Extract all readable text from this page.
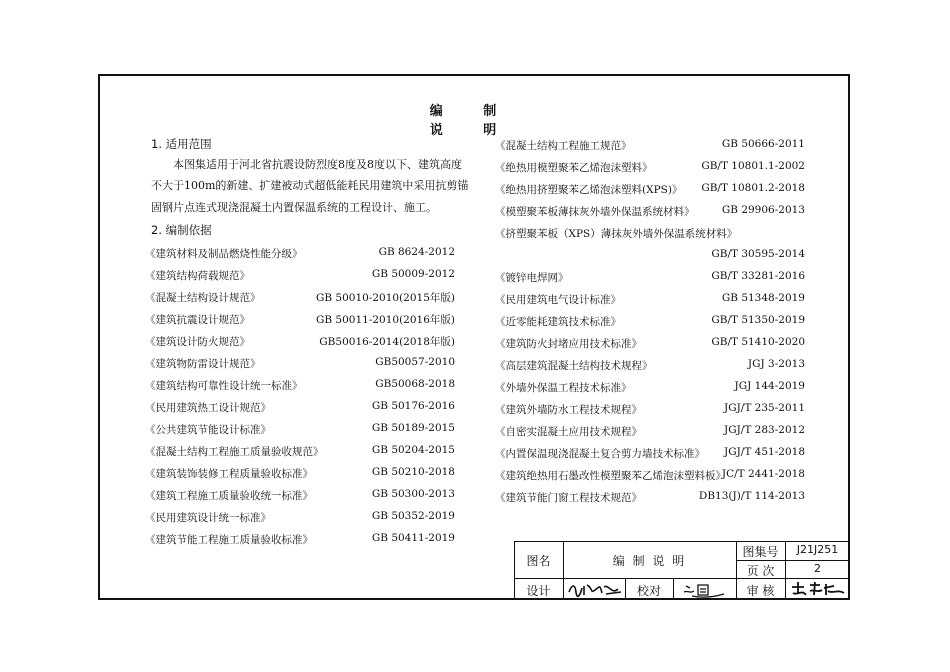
编 制 说 明
1. 适用范围
本图集适用于河北省抗震设防烈度8度及8度以下、建筑高度
不大于100m的新建、扩建被动式超低能耗民用建筑中采用抗剪锚
固钢片点连式现浇混凝土内置保温系统的工程设计、施工。
2. 编制依据
《建筑材料及制品燃烧性能分级》	GB 8624-2012
《建筑结构荷载规范》	GB 50009-2012
《混凝土结构设计规范》	GB 50010-2010(2015年版)
《建筑抗震设计规范》	GB 50011-2010(2016年版)
《建筑设计防火规范》	GB50016-2014(2018年版)
《建筑物防雷设计规范》	GB50057-2010
《建筑结构可靠性设计统一标准》	GB50068-2018
《民用建筑热工设计规范》	GB 50176-2016
《公共建筑节能设计标准》	GB 50189-2015
《混凝土结构工程施工质量验收规范》	GB 50204-2015
《建筑装饰装修工程质量验收标准》	GB 50210-2018
《建筑工程施工质量验收统一标准》	GB 50300-2013
《民用建筑设计统一标准》	GB 50352-2019
《建筑节能工程施工质量验收标准》	GB 50411-2019
《混凝土结构工程施工规范》	GB 50666-2011
《绝热用模塑聚苯乙烯泡沫塑料》	GB/T 10801.1-2002
《绝热用挤塑聚苯乙烯泡沫塑料(XPS)》 GB/T 10801.2-2018
《模塑聚苯板薄抹灰外墙外保温系统材料》	GB 29906-2013
《挤塑聚苯板（XPS）薄抹灰外墙外保温系统材料》
GB/T 30595-2014
《镀锌电焊网》	GB/T 33281-2016
《民用建筑电气设计标准》	GB 51348-2019
《近零能耗建筑技术标准》	GB/T 51350-2019
《建筑防火封堵应用技术标准》	GB/T 51410-2020
《高层建筑混凝土结构技术规程》	JGJ 3-2013
《外墙外保温工程技术标准》	JGJ 144-2019
《建筑外墙防水工程技术规程》	JGJ/T 235-2011
《自密实混凝土应用技术规程》	JGJ/T 283-2012
《内置保温现浇混凝土复合剪力墙技术标准》 JGJ/T 451-2018
《建筑绝热用石墨改性模塑聚苯乙烯泡沫塑料板》
JC/T 2441-2018
《建筑节能门窗工程技术规范》	DB13(J)/T 114-2013
图名	编 制 说 明
图集号	J21J251
页 次	2
设计	校对	审 核
